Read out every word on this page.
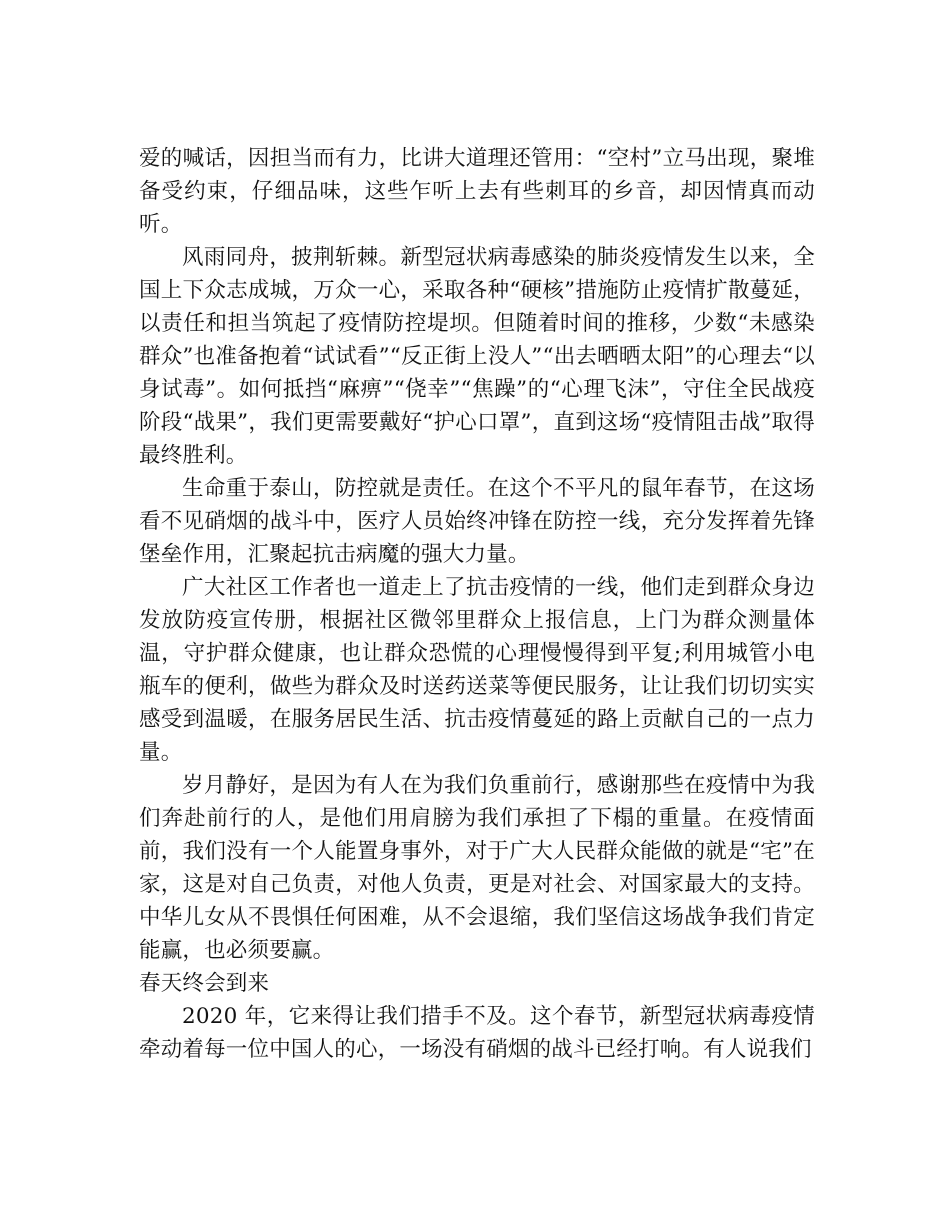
爱的喊话，因担当而有力，比讲大道理还管用：“空村”立马出现，聚堆备受约束，仔细品味，这些乍听上去有些刺耳的乡音，却因情真而动听。

风雨同舟，披荆斩棘。新型冠状病毒感染的肺炎疫情发生以来，全国上下众志成城，万众一心，采取各种“硬核”措施防止疫情扩散蔓延，以责任和担当筑起了疫情防控堤坝。但随着时间的推移，少数“未感染群众”也准备抱着“试试看”“反正街上没人”“出去晒晒太阳”的心理去“以身试毒”。如何抵挡“麻痹”“侥幸”“焦躁”的“心理飞沫”，守住全民战疫阶段“战果”，我们更需要戴好“护心口罩”，直到这场“疫情阻击战”取得最终胜利。

生命重于泰山，防控就是责任。在这个不平凡的鼠年春节，在这场看不见硝烟的战斗中，医疗人员始终冲锋在防控一线，充分发挥着先锋堡垒作用，汇聚起抗击病魔的强大力量。

广大社区工作者也一道走上了抗击疫情的一线，他们走到群众身边发放防疫宣传册，根据社区微邻里群众上报信息，上门为群众测量体温，守护群众健康，也让群众恐慌的心理慢慢得到平复;利用城管小电瓶车的便利，做些为群众及时送药送菜等便民服务，让让我们切切实实感受到温暖，在服务居民生活、抗击疫情蔓延的路上贡献自己的一点力量。

岁月静好，是因为有人在为我们负重前行，感谢那些在疫情中为我们奔赴前行的人，是他们用肩膀为我们承担了下榻的重量。在疫情面前，我们没有一个人能置身事外，对于广大人民群众能做的就是“宅”在家，这是对自己负责，对他人负责，更是对社会、对国家最大的支持。中华儿女从不畏惧任何困难，从不会退缩，我们坚信这场战争我们肯定能赢，也必须要赢。

春天终会到来

2020 年，它来得让我们措手不及。这个春节，新型冠状病毒疫情牵动着每一位中国人的心，一场没有硝烟的战斗已经打响。有人说我们
